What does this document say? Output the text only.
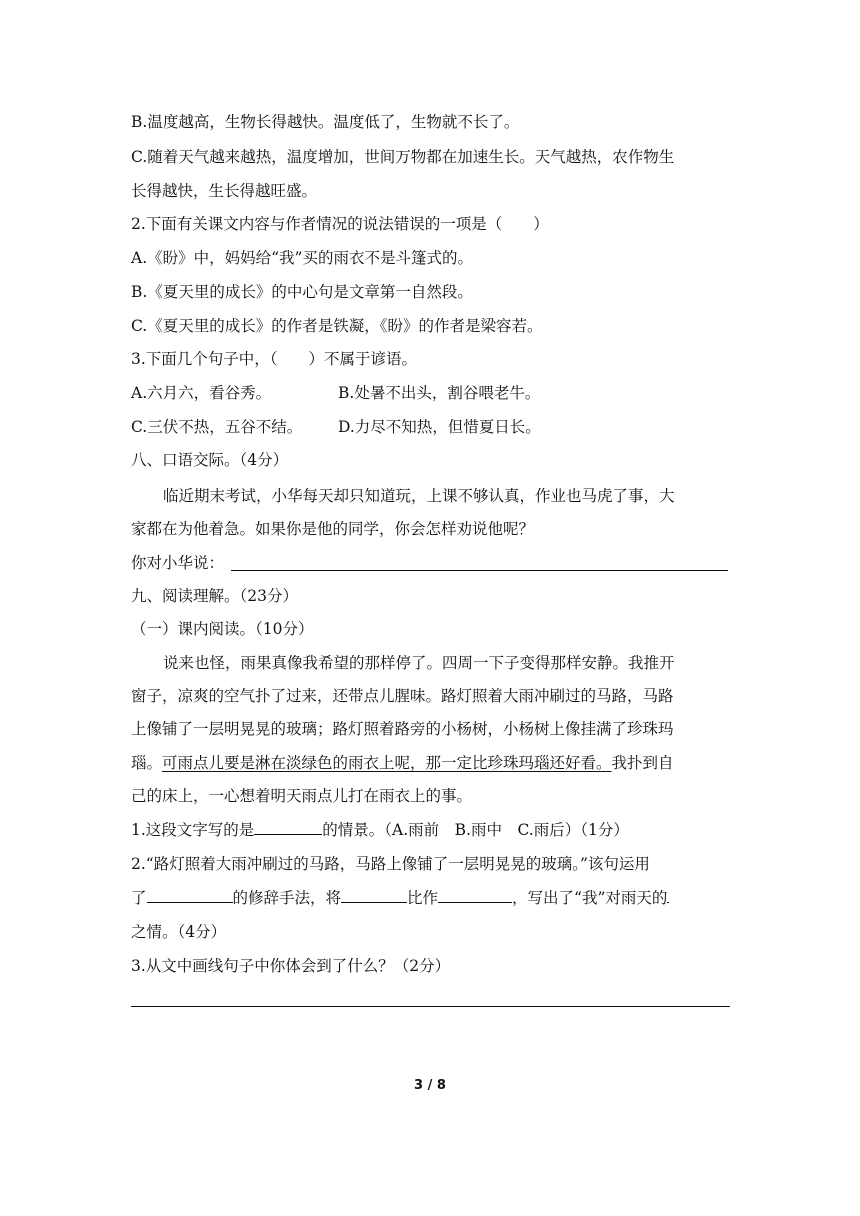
B.温度越高，生物长得越快。温度低了，生物就不长了。
C.随着天气越来越热，温度增加，世间万物都在加速生长。天气越热，农作物生
长得越快，生长得越旺盛。
2.下面有关课文内容与作者情况的说法错误的一项是（　　）
A.《盼》中，妈妈给“我”买的雨衣不是斗篷式的。
B.《夏天里的成长》的中心句是文章第一自然段。
C.《夏天里的成长》的作者是铁凝，《盼》的作者是梁容若。
3.下面几个句子中，（　　）不属于谚语。
A.六月六，看谷秀。	B.处暑不出头，割谷喂老牛。
C.三伏不热，五谷不结。 D.力尽不知热，但惜夏日长。
八、口语交际。（4分）
临近期末考试，小华每天却只知道玩，上课不够认真，作业也马虎了事，大
家都在为他着急。如果你是他的同学，你会怎样劝说他呢？
你对小华说：
九、阅读理解。（23分）
（一）课内阅读。（10分）
说来也怪，雨果真像我希望的那样停了。四周一下子变得那样安静。我推开
窗子，凉爽的空气扑了过来，还带点儿腥味。路灯照着大雨冲刷过的马路，马路
上像铺了一层明晃晃的玻璃；路灯照着路旁的小杨树，小杨树上像挂满了珍珠玛
瑙。可雨点儿要是淋在淡绿色的雨衣上呢，那一定比珍珠玛瑙还好看。我扑到自
己的床上，一心想着明天雨点儿打在雨衣上的事。
1.这段文字写的是	的情景。（A.雨前　B.雨中　C.雨后）（1分）
2.“路灯照着大雨冲刷过的马路，马路上像铺了一层明晃晃的玻璃。”该句运用
了	的修辞手法，将	比作	，写出了“我”对雨天的
之情。（4分）
3.从文中画线句子中你体会到了什么？（2分）
3 / 8
